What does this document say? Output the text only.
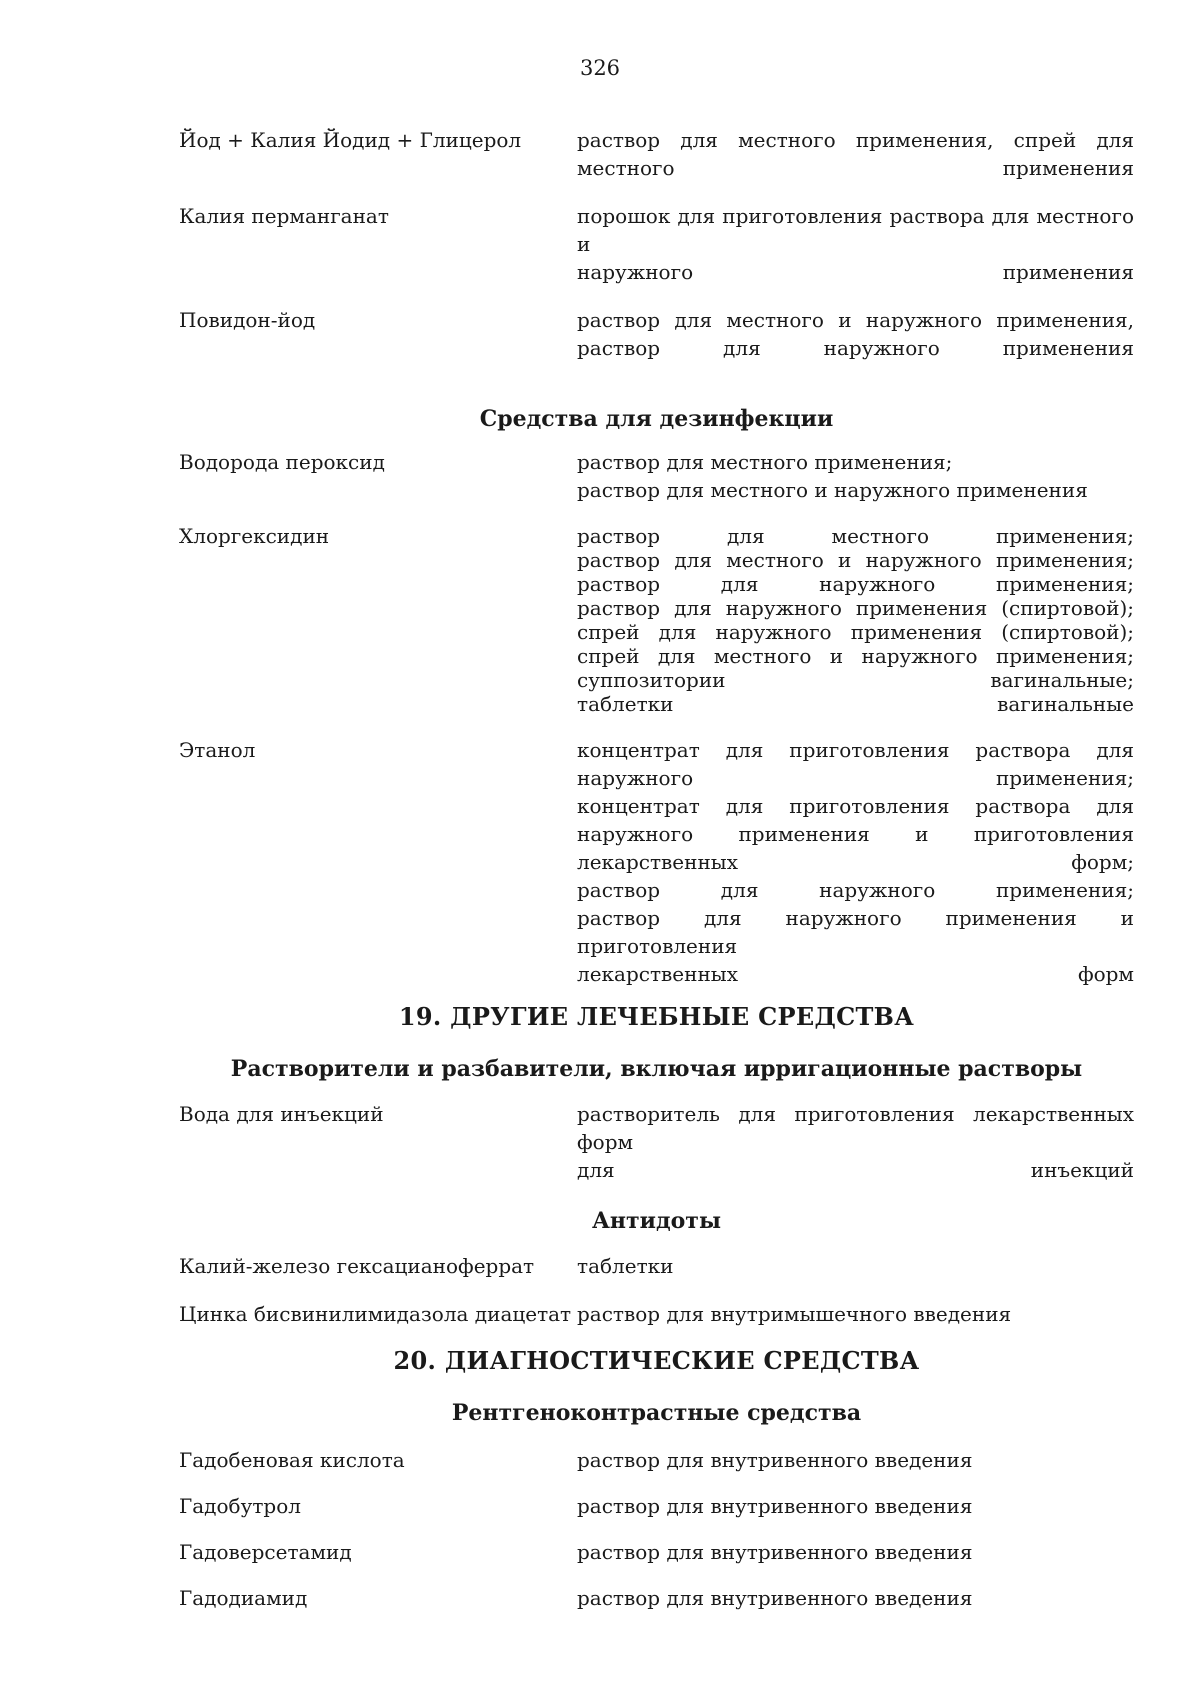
326
Йод + Калия Йодид + Глицерол	раствор для местного применения, спрей для
местного применения
Калия перманганат	порошок для приготовления раствора для местного и
наружного применения
Повидон-йод	раствор для местного и наружного применения,
раствор для наружного применения
Средства для дезинфекции
Водорода пероксид	раствор для местного применения;
раствор для местного и наружного применения
Хлоргексидин	раствор для местного применения;
раствор для местного и наружного применения;
раствор для наружного применения;
раствор для наружного применения (спиртовой);
спрей для наружного применения (спиртовой);
спрей для местного и наружного применения;
суппозитории вагинальные;
таблетки вагинальные
Этанол	концентрат для приготовления раствора для
наружного применения;
концентрат для приготовления раствора для
наружного применения и приготовления
лекарственных форм;
раствор для наружного применения;
раствор для наружного применения и приготовления
лекарственных форм
19. ДРУГИЕ ЛЕЧЕБНЫЕ СРЕДСТВА
Растворители и разбавители, включая ирригационные растворы
Вода для инъекций	растворитель для приготовления лекарственных форм
для инъекций
Антидоты
Калий-железо гексацианоферрат	таблетки
Цинка бисвинилимидазола диацетат раствор для внутримышечного введения
20. ДИАГНОСТИЧЕСКИЕ СРЕДСТВА
Рентгеноконтрастные средства
Гадобеновая кислота	раствор для внутривенного введения
Гадобутрол	раствор для внутривенного введения
Гадоверсетамид	раствор для внутривенного введения
Гадодиамид	раствор для внутривенного введения
